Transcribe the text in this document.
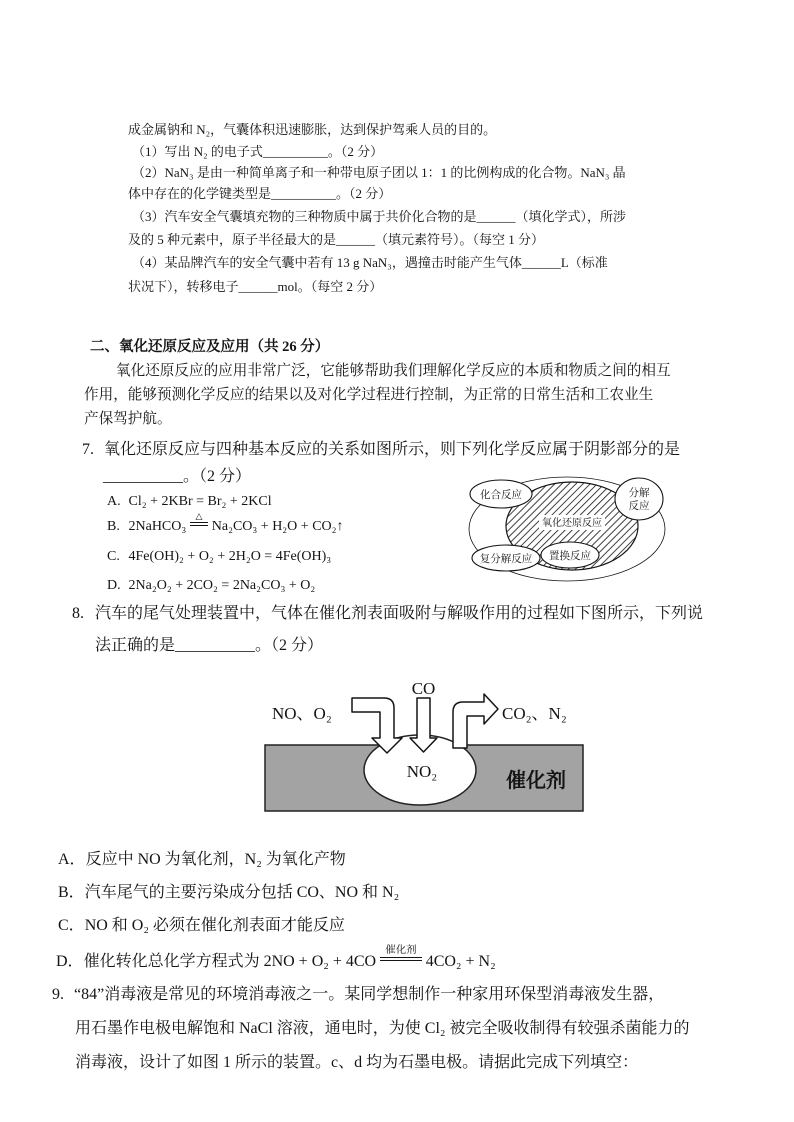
成金属钠和 N₂，气囊体积迅速膨胀，达到保护驾乘人员的目的。
（1）写出 N₂ 的电子式__________。（2 分）
（2）NaN₃ 是由一种简单离子和一种带电原子团以 1：1 的比例构成的化合物。NaN₃ 晶
体中存在的化学键类型是__________。（2 分）
（3）汽车安全气囊填充物的三种物质中属于共价化合物的是______（填化学式），所涉
及的 5 种元素中，原子半径最大的是______（填元素符号）。（每空 1 分）
（4）某品牌汽车的安全气囊中若有 13 g NaN₃，遇撞击时能产生气体______L（标准
状况下），转移电子______mol。（每空 2 分）
二、氧化还原反应及应用（共 26 分）
氧化还原反应的应用非常广泛，它能够帮助我们理解化学反应的本质和物质之间的相互
作用，能够预测化学反应的结果以及对化学过程进行控制，为正常的日常生活和工农业生
产保驾护航。
7. 氧化还原反应与四种基本反应的关系如图所示，则下列化学反应属于阴影部分的是
__________。（2 分）
A. Cl₂ + 2KBr = Br₂ + 2KCl
B. 2NaHCO₃
△
Na₂CO₃ + H₂O + CO₂↑
C. 4Fe(OH)₂ + O₂ + 2H₂O = 4Fe(OH)₃
D. 2Na₂O₂ + 2CO₂ = 2Na₂CO₃ + O₂
化合反应	分解
反应
氧化还原反应
复分解反应 置换反应
8. 汽车的尾气处理装置中，气体在催化剂表面吸附与解吸作用的过程如下图所示，下列说
法正确的是__________。（2 分）
NO、O₂
CO
CO₂、N₂
NO₂	催化剂
A．反应中 NO 为氧化剂，N₂ 为氧化产物
B．汽车尾气的主要污染成分包括 CO、NO 和 N₂
C．NO 和 O₂ 必须在催化剂表面才能反应
D．催化转化总化学方程式为 2NO + O₂ + 4CO
催化剂
4CO₂ + N₂
9. “84”消毒液是常见的环境消毒液之一。某同学想制作一种家用环保型消毒液发生器，
用石墨作电极电解饱和 NaCl 溶液，通电时，为使 Cl₂ 被完全吸收制得有较强杀菌能力的
消毒液，设计了如图 1 所示的装置。c、d 均为石墨电极。请据此完成下列填空：
